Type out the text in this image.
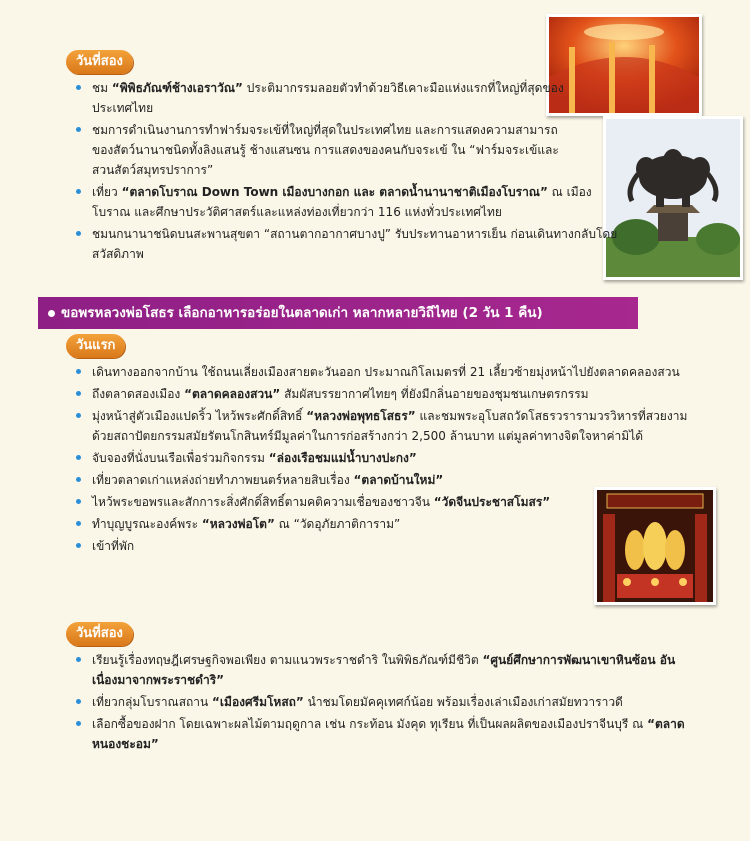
วันที่สอง
ชม “พิพิธภัณฑ์ช้างเอราวัณ” ประติมากรรมลอยตัวทำด้วยวิธีเคาะมือแห่งแรกที่ใหญ่ที่สุดของประเทศไทย
ชมการดำเนินงานการทำฟาร์มจระเข้ที่ใหญ่ที่สุดในประเทศไทย และการแสดงความสามารถของสัตว์นานาชนิดทั้งลิงแสนรู้ ช้างแสนซน การแสดงของคนกับจระเข้ ใน “ฟาร์มจระเข้และสวนสัตว์สมุทรปราการ”
เที่ยว “ตลาดโบราณ Down Town เมืองบางกอก และ ตลาดน้ำนานาชาติเมืองโบราณ” ณ เมืองโบราณ และศึกษาประวัติศาสตร์และแหล่งท่องเที่ยวกว่า 116 แห่งทั่วประเทศไทย
ชมนกนานาชนิดบนสะพานสุขตา “สถานตากอากาศบางปู” รับประทานอาหารเย็น ก่อนเดินทางกลับโดยสวัสดิภาพ
ขอพรหลวงพ่อโสธร เลือกอาหารอร่อยในตลาดเก่า หลากหลายวิถีไทย (2 วัน 1 คืน)
วันแรก
เดินทางออกจากบ้าน ใช้ถนนเลี่ยงเมืองสายตะวันออก ประมาณกิโลเมตรที่ 21 เลี้ยวซ้ายมุ่งหน้าไปยังตลาดคลองสวน
ถึงตลาดสองเมือง “ตลาดคลองสวน” สัมผัสบรรยากาศไทยๆ ที่ยังมีกลิ่นอายของชุมชนเกษตรกรรม
มุ่งหน้าสู่ตัวเมืองแปดริ้ว ไหว้พระศักดิ์สิทธิ์ “หลวงพ่อพุทธโสธร” และชมพระอุโบสถวัดโสธรวรารามวรวิหารที่สวยงามด้วยสถาปัตยกรรมสมัยรัตนโกสินทร์มีมูลค่าในการก่อสร้างกว่า 2,500 ล้านบาท แต่มูลค่าทางจิตใจหาค่ามิได้
จับจองที่นั่งบนเรือเพื่อร่วมกิจกรรม “ล่องเรือชมแม่น้ำบางปะกง”
เที่ยวตลาดเก่าแหล่งถ่ายทำภาพยนตร์หลายสิบเรื่อง “ตลาดบ้านใหม่”
ไหว้พระขอพรและสักการะสิ่งศักดิ์สิทธิ์ตามคติความเชื่อของชาวจีน “วัดจีนประชาสโมสร”
ทำบุญบูรณะองค์พระ “หลวงพ่อโต” ณ “วัดอุภัยภาติการาม”
เข้าที่พัก
วันที่สอง
เรียนรู้เรื่องทฤษฎีเศรษฐกิจพอเพียง ตามแนวพระราชดำริ ในพิพิธภัณฑ์มีชีวิต “ศูนย์ศึกษาการพัฒนาเขาหินซ้อน อันเนื่องมาจากพระราชดำริ”
เที่ยวกลุ่มโบราณสถาน “เมืองศรีมโหสถ” นำชมโดยมัคคุเทศก์น้อย พร้อมเรื่องเล่าเมืองเก่าสมัยทวาราวดี
เลือกซื้อของฝาก โดยเฉพาะผลไม้ตามฤดูกาล เช่น กระท้อน มังคุด ทุเรียน ที่เป็นผลผลิตของเมืองปราจีนบุรี ณ “ตลาดหนองชะอม”
